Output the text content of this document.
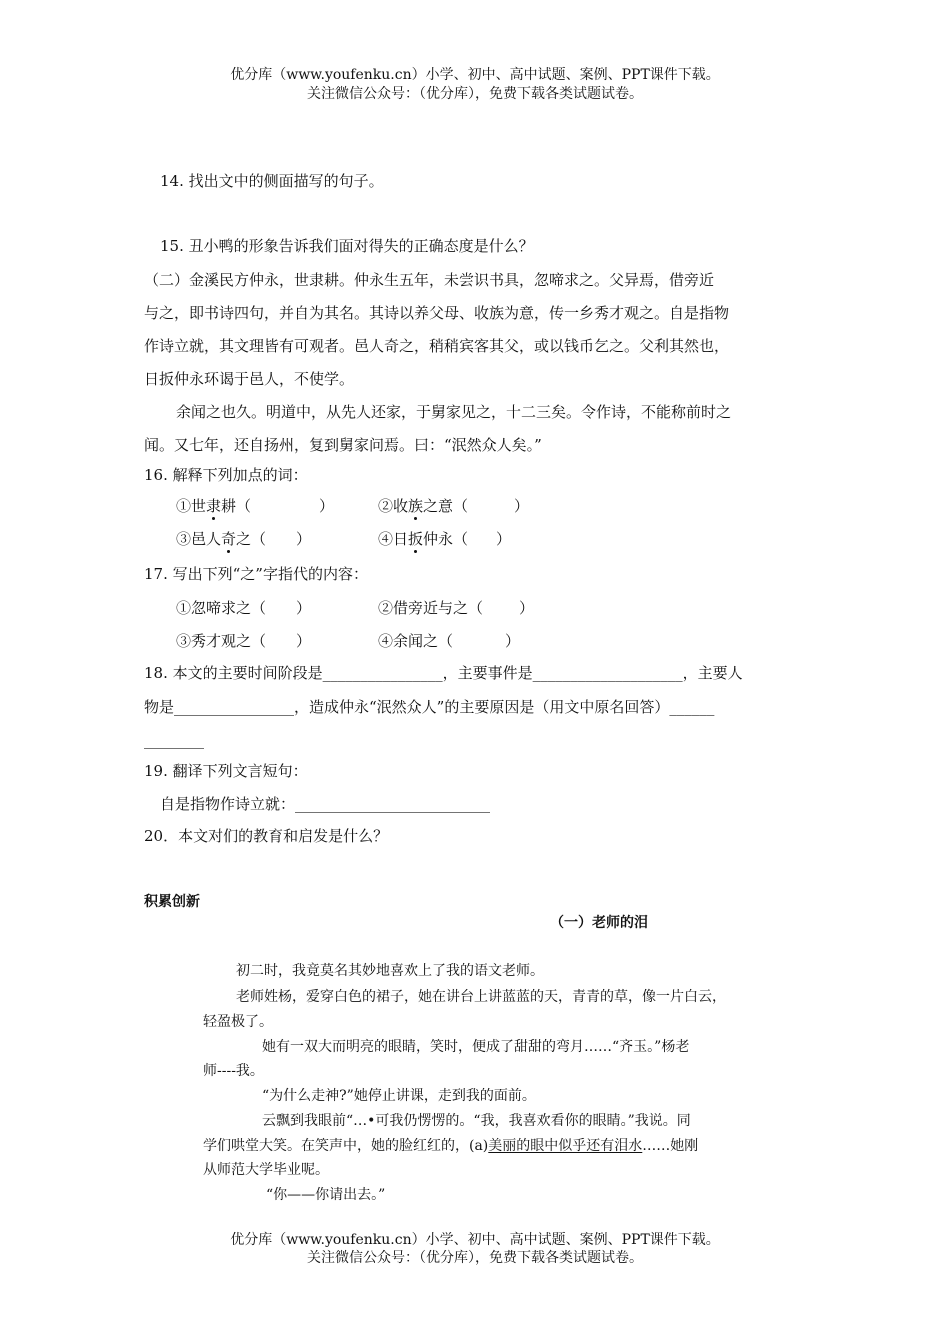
优分库（www.youfenku.cn）小学、初中、高中试题、案例、PPT课件下载。
关注微信公众号：（优分库），免费下载各类试题试卷。
14. 找出文中的侧面描写的句子。
15. 丑小鸭的形象告诉我们面对得失的正确态度是什么？
（二）金溪民方仲永，世隶耕。仲永生五年，未尝识书具，忽啼求之。父异焉，借旁近
与之，即书诗四句，并自为其名。其诗以养父母、收族为意，传一乡秀才观之。自是指物
作诗立就，其文理皆有可观者。邑人奇之，稍稍宾客其父，或以钱币乞之。父利其然也，
日扳仲永环谒于邑人，不使学。
余闻之也久。明道中，从先人还家，于舅家见之，十二三矣。令作诗，不能称前时之
闻。又七年，还自扬州，复到舅家问焉。曰：“泯然众人矣。”
16. 解释下列加点的词：
①世隶耕（	）	②收族之意（	）
③邑人奇之（ ）	④日扳仲永（ ）
17. 写出下列“之”字指代的内容：
①忽啼求之（ ）	②借旁近与之（ ）
③秀才观之（ ）	④余闻之（	）
18. 本文的主要时间阶段是________________，主要事件是____________________，主要人
物是________________，造成仲永“泯然众人”的主要原因是（用文中原名回答）______
________
19. 翻译下列文言短句：
自是指物作诗立就：__________________________
20．本文对们的教育和启发是什么？
积累创新
（一）老师的泪
初二时，我竟莫名其妙地喜欢上了我的语文老师。
老师姓杨，爱穿白色的裙子，她在讲台上讲蓝蓝的天，青青的草，像一片白云，
轻盈极了。
她有一双大而明亮的眼睛，笑时，便成了甜甜的弯月……“齐玉。”杨老
师----我。
“为什么走神?”她停止讲课，走到我的面前。
云飘到我眼前“…•可我仍愣愣的。“我，我喜欢看你的眼睛。”我说。同
学们哄堂大笑。在笑声中，她的脸红红的，(a)美丽的眼中似乎还有泪水……她刚
从师范大学毕业呢。
“你——你请出去。”
优分库（www.youfenku.cn）小学、初中、高中试题、案例、PPT课件下载。
关注微信公众号：（优分库），免费下载各类试题试卷。
